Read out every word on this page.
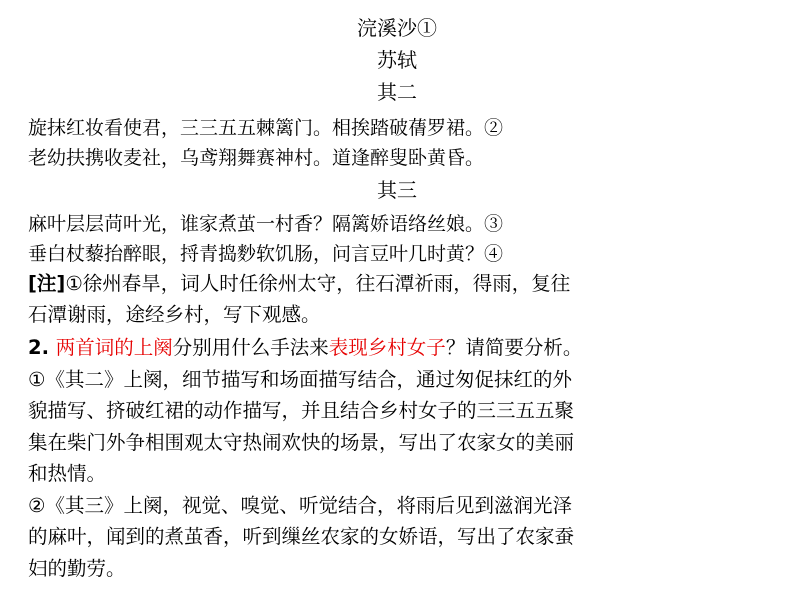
浣溪沙①
苏轼
其二
旋抹红妆看使君，三三五五棘篱门。相挨踏破蒨罗裙。②
老幼扶携收麦社，乌鸢翔舞赛神村。道逢醉叟卧黄昏。
其三
麻叶层层苘叶光，谁家煮茧一村香？隔篱娇语络丝娘。③
垂白杖藜抬醉眼，捋青捣麨软饥肠，问言豆叶几时黄？④
[注]①徐州春旱，词人时任徐州太守，往石潭祈雨，得雨，复往
石潭谢雨，途经乡村，写下观感。
2. 两首词的上阕分别用什么手法来表现乡村女子？请简要分析。
①《其二》上阕，细节描写和场面描写结合，通过匆促抹红的外
貌描写、挤破红裙的动作描写，并且结合乡村女子的三三五五聚
集在柴门外争相围观太守热闹欢快的场景，写出了农家女的美丽
和热情。
②《其三》上阕，视觉、嗅觉、听觉结合，将雨后见到滋润光泽
的麻叶，闻到的煮茧香，听到缫丝农家的女娇语，写出了农家蚕
妇的勤劳。
